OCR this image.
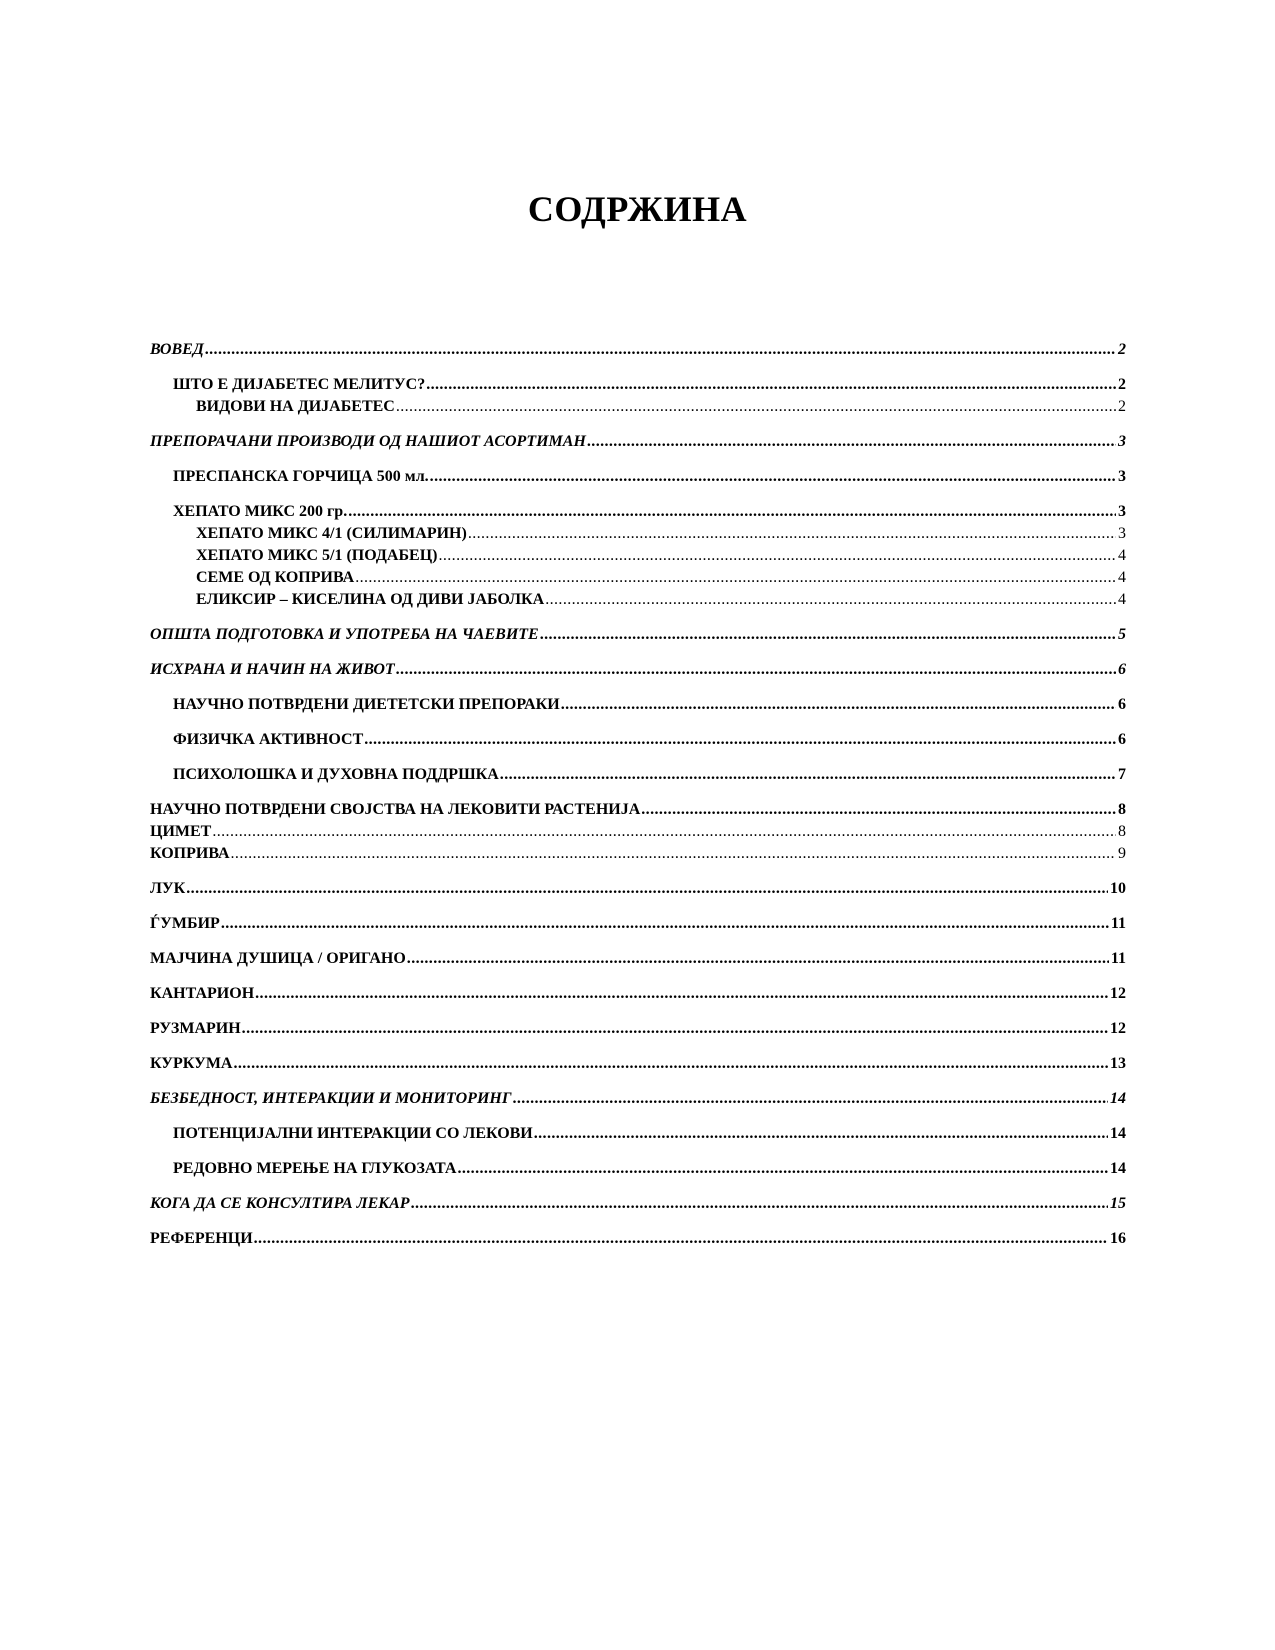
СОДРЖИНА
ВОВЕД .....	2
ШТО Е ДИЈАБЕТЕС МЕЛИТУС? .....	2
ВИДОВИ НА ДИЈАБЕТЕС .....	2
ПРЕПОРАЧАНИ ПРОИЗВОДИ ОД НАШИОТ АСОРТИМАН .....	3
ПРЕСПАНСКА ГОРЧИЦА 500 мл. .....	3
ХЕПАТО МИКС 200 гр. .....	3
ХЕПАТО МИКС 4/1 (СИЛИМАРИН) .....	3
ХЕПАТО МИКС 5/1 (ПОДАБЕЦ) .....	4
СЕМЕ ОД КОПРИВА .....	4
ЕЛИКСИР – КИСЕЛИНА ОД ДИВИ ЈАБОЛКА .....	4
ОПШТА ПОДГОТОВКА И УПОТРЕБА НА ЧАЕВИТЕ .....	5
ИСХРАНА И НАЧИН НА ЖИВОТ .....	6
НАУЧНО ПОТВРДЕНИ ДИЕТЕТСКИ ПРЕПОРАКИ .....	6
ФИЗИЧКА АКТИВНОСТ .....	6
ПСИХОЛОШКА И ДУХОВНА ПОДДРШКА .....	7
НАУЧНО ПОТВРДЕНИ СВОЈСТВА НА ЛЕКОВИТИ РАСТЕНИЈА .....	8
ЦИМЕТ .....	8
КОПРИВА .....	9
ЛУК .....	10
ЃУМБИР .....	11
МАЈЧИНА ДУШИЦА / ОРИГАНО .....	11
КАНТАРИОН .....	12
РУЗМАРИН .....	12
КУРКУМА .....	13
БЕЗБЕДНОСТ, ИНТЕРАКЦИИ И МОНИТОРИНГ .....	14
ПОТЕНЦИЈАЛНИ ИНТЕРАКЦИИ СО ЛЕКОВИ .....	14
РЕДОВНО МЕРЕЊЕ НА ГЛУКОЗАТА .....	14
КОГА ДА СЕ КОНСУЛТИРА ЛЕКАР .....	15
РЕФЕРЕНЦИ .....	16
